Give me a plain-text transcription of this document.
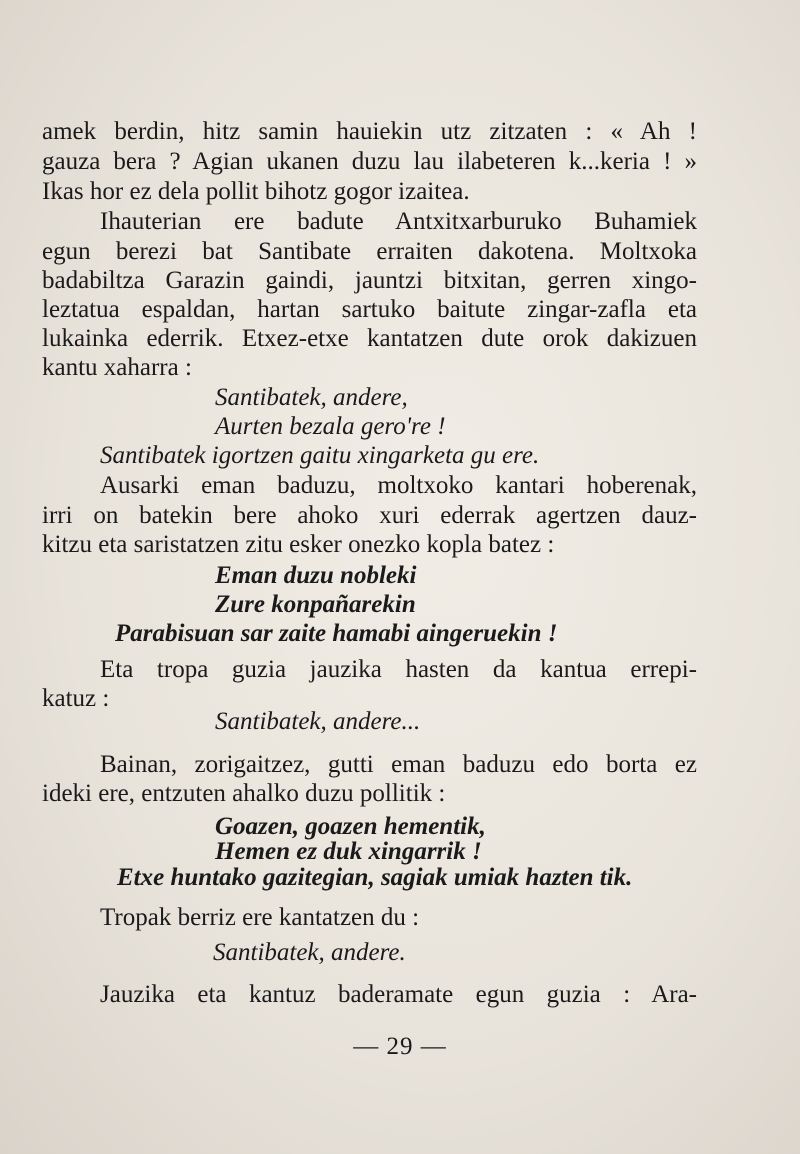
amek berdin, hitz samin hauiekin utz zitzaten : « Ah !
gauza bera ? Agian ukanen duzu lau ilabeteren k...keria ! »
Ikas hor ez dela pollit bihotz gogor izaitea.
Ihauterian ere badute Antxitxarburuko Buhamiek
egun berezi bat Santibate erraiten dakotena. Moltxoka
badabiltza Garazin gaindi, jauntzi bitxitan, gerren xingo-
leztatua espaldan, hartan sartuko baitute zingar-zafla eta
lukainka ederrik. Etxez-etxe kantatzen dute orok dakizuen
kantu xaharra :
Santibatek, andere,
Aurten bezala gero're !
Santibatek igortzen gaitu xingarketa gu ere.
Ausarki eman baduzu, moltxoko kantari hoberenak,
irri on batekin bere ahoko xuri ederrak agertzen dauz-
kitzu eta saristatzen zitu esker onezko kopla batez :
Eman duzu nobleki
Zure konpañarekin
Parabisuan sar zaite hamabi aingeruekin !
Eta tropa guzia jauzika hasten da kantua errepi-
katuz :
Santibatek, andere...
Bainan, zorigaitzez, gutti eman baduzu edo borta ez
ideki ere, entzuten ahalko duzu pollitik :
Goazen, goazen hementik,
Hemen ez duk xingarrik !
Etxe huntako gazitegian, sagiak umiak hazten tik.
Tropak berriz ere kantatzen du :
Santibatek, andere.
Jauzika eta kantuz baderamate egun guzia : Ara-
— 29 —
